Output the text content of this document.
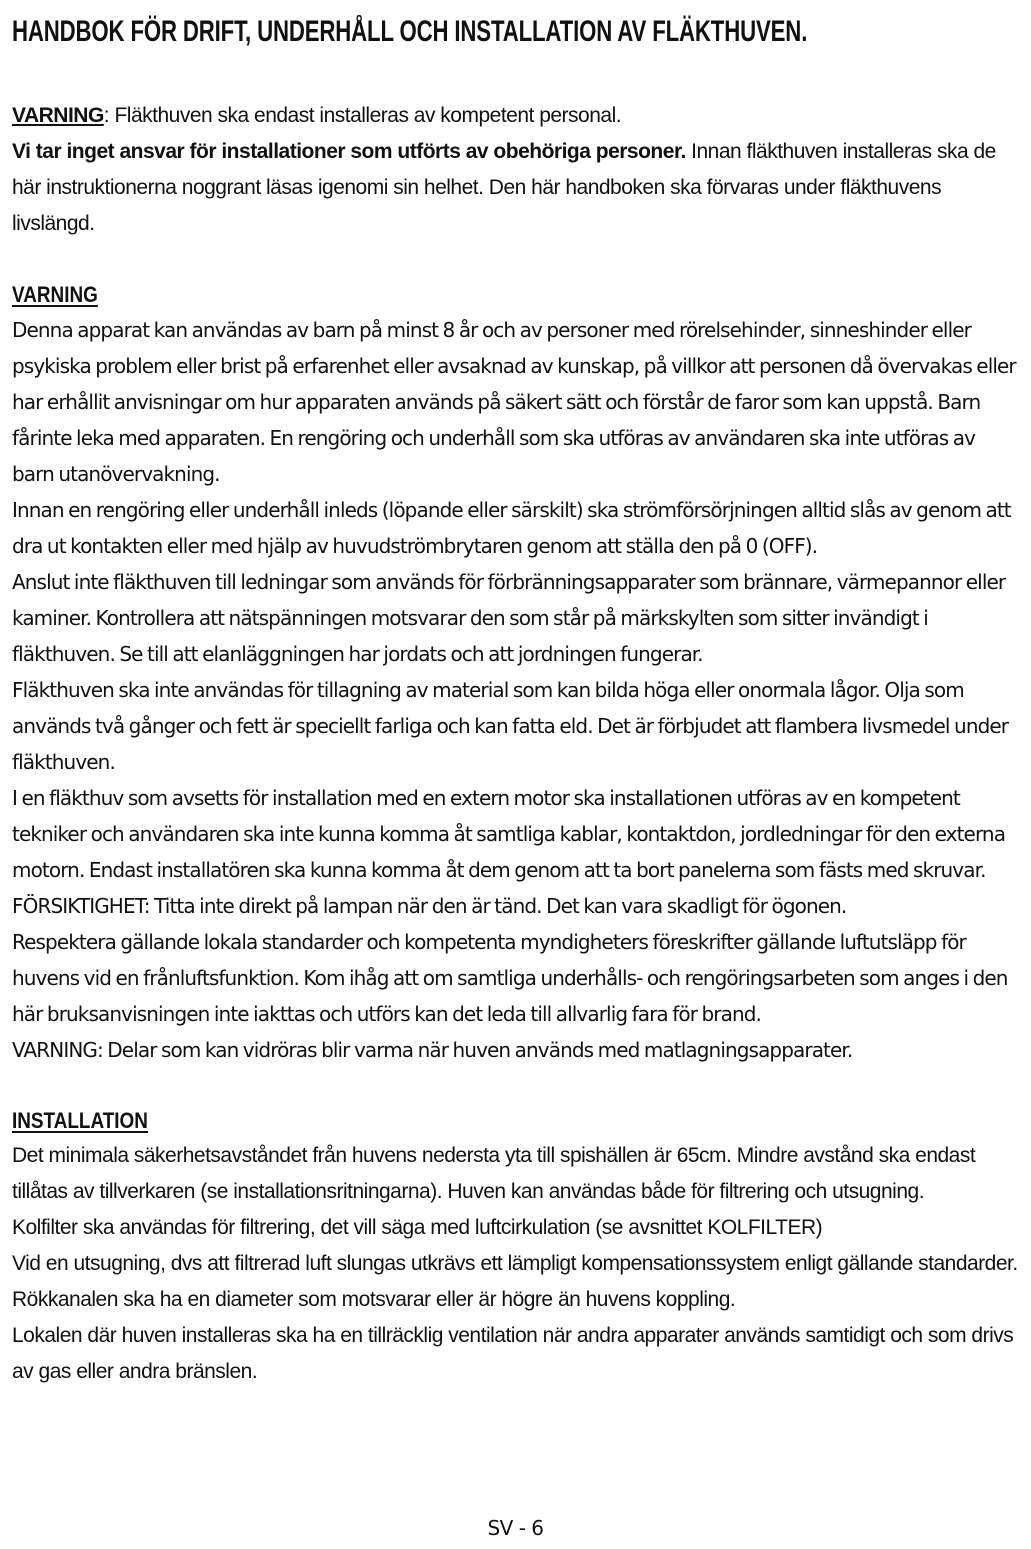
HANDBOK FÖR DRIFT, UNDERHÅLL OCH INSTALLATION AV FLÄKTHUVEN.

VARNING: Fläkthuven ska endast installeras av kompetent personal.
Vi tar inget ansvar för installationer som utförts av obehöriga personer. Innan fläkthuven installeras ska de här instruktionerna noggrant läsas igenomi sin helhet. Den här handboken ska förvaras under fläkthuvens livslängd.

VARNING

Denna apparat kan användas av barn på minst 8 år och av personer med rörelsehinder, sinneshinder eller psykiska problem eller brist på erfarenhet eller avsaknad av kunskap, på villkor att personen då övervakas eller har erhållit anvisningar om hur apparaten används på säkert sätt och förstår de faror som kan uppstå. Barn fårinte leka med apparaten. En rengöring och underhåll som ska utföras av användaren ska inte utföras av barn utanövervakning.

Innan en rengöring eller underhåll inleds (löpande eller särskilt) ska strömförsörjningen alltid slås av genom att dra ut kontakten eller med hjälp av huvudströmbrytaren genom att ställa den på 0 (OFF).

Anslut inte fläkthuven till ledningar som används för förbränningsapparater som brännare, värmepannor eller kaminer. Kontrollera att nätspänningen motsvarar den som står på märkskylten som sitter invändigt i fläkthuven. Se till att elanläggningen har jordats och att jordningen fungerar.

Fläkthuven ska inte användas för tillagning av material som kan bilda höga eller onormala lågor. Olja som används två gånger och fett är speciellt farliga och kan fatta eld. Det är förbjudet att flambera livsmedel under fläkthuven.

I en fläkthuv som avsetts för installation med en extern motor ska installationen utföras av en kompetent tekniker och användaren ska inte kunna komma åt samtliga kablar, kontaktdon, jordledningar för den externa motorn. Endast installatören ska kunna komma åt dem genom att ta bort panelerna som fästs med skruvar.

FÖRSIKTIGHET: Titta inte direkt på lampan när den är tänd. Det kan vara skadligt för ögonen.

Respektera gällande lokala standarder och kompetenta myndigheters föreskrifter gällande luftutsläpp för huvens vid en frånluftsfunktion. Kom ihåg att om samtliga underhålls- och rengöringsarbeten som anges i den här bruksanvisningen inte iakttas och utförs kan det leda till allvarlig fara för brand.

VARNING: Delar som kan vidröras blir varma när huven används med matlagningsapparater.

INSTALLATION

Det minimala säkerhetsavståndet från huvens nedersta yta till spishällen är 65cm. Mindre avstånd ska endast tillåtas av tillverkaren (se installationsritningarna). Huven kan användas både för filtrering och utsugning.

Kolfilter ska användas för filtrering, det vill säga med luftcirkulation (se avsnittet KOLFILTER)

Vid en utsugning, dvs att filtrerad luft slungas utkrävs ett lämpligt kompensationssystem enligt gällande standarder. Rökkanalen ska ha en diameter som motsvarar eller är högre än huvens koppling.

Lokalen där huven installeras ska ha en tillräcklig ventilation när andra apparater används samtidigt och som drivs av gas eller andra bränslen.

SV - 6
